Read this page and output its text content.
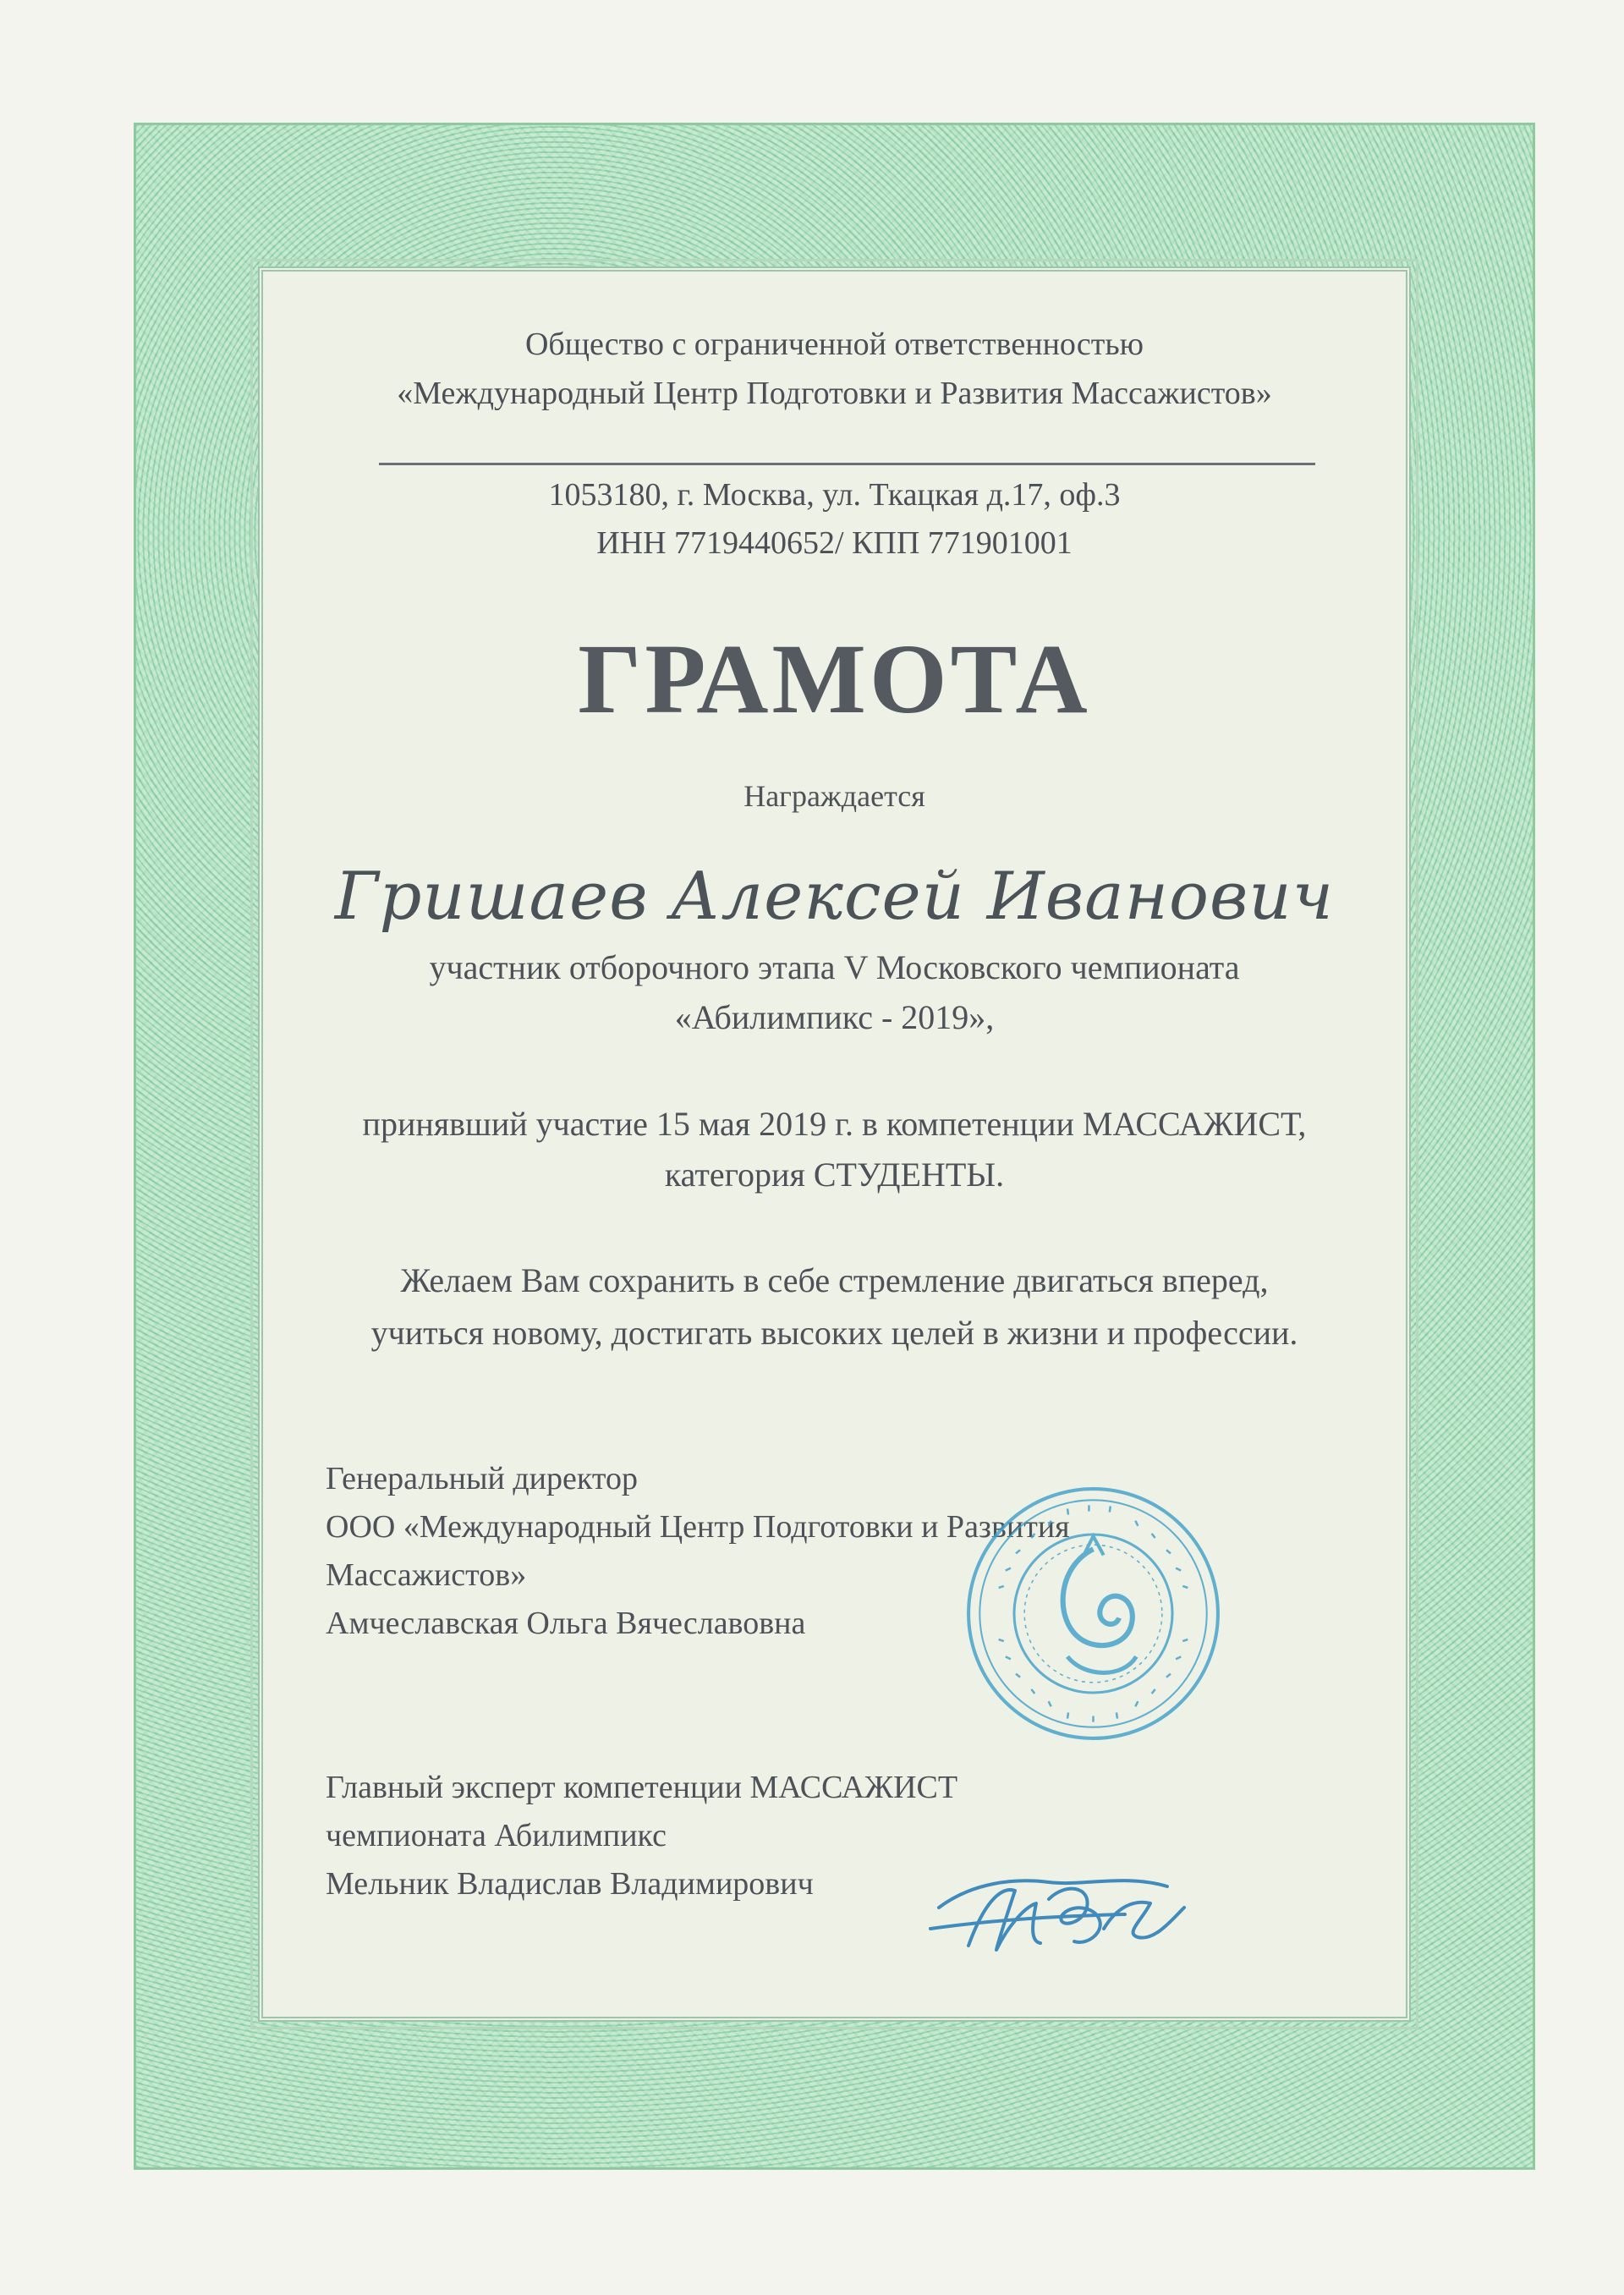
Общество с ограниченной ответственностью
«Международный Центр Подготовки и Развития Массажистов»
1053180, г. Москва, ул. Ткацкая д.17, оф.3
ИНН 7719440652/ КПП 771901001
ГРАМОТА
Награждается
Гришаев Алексей Иванович
участник отборочного этапа V Московского чемпионата
«Абилимпикс - 2019»,
принявший участие 15 мая 2019 г. в компетенции МАССАЖИСТ,
категория СТУДЕНТЫ.
Желаем Вам сохранить в себе стремление двигаться вперед,
учиться новому, достигать высоких целей в жизни и профессии.
Генеральный директор
ООО «Международный Центр Подготовки и Развития
Массажистов»
Амчеславская Ольга Вячеславовна
Главный эксперт компетенции МАССАЖИСТ
чемпионата Абилимпикс
Мельник Владислав Владимирович
